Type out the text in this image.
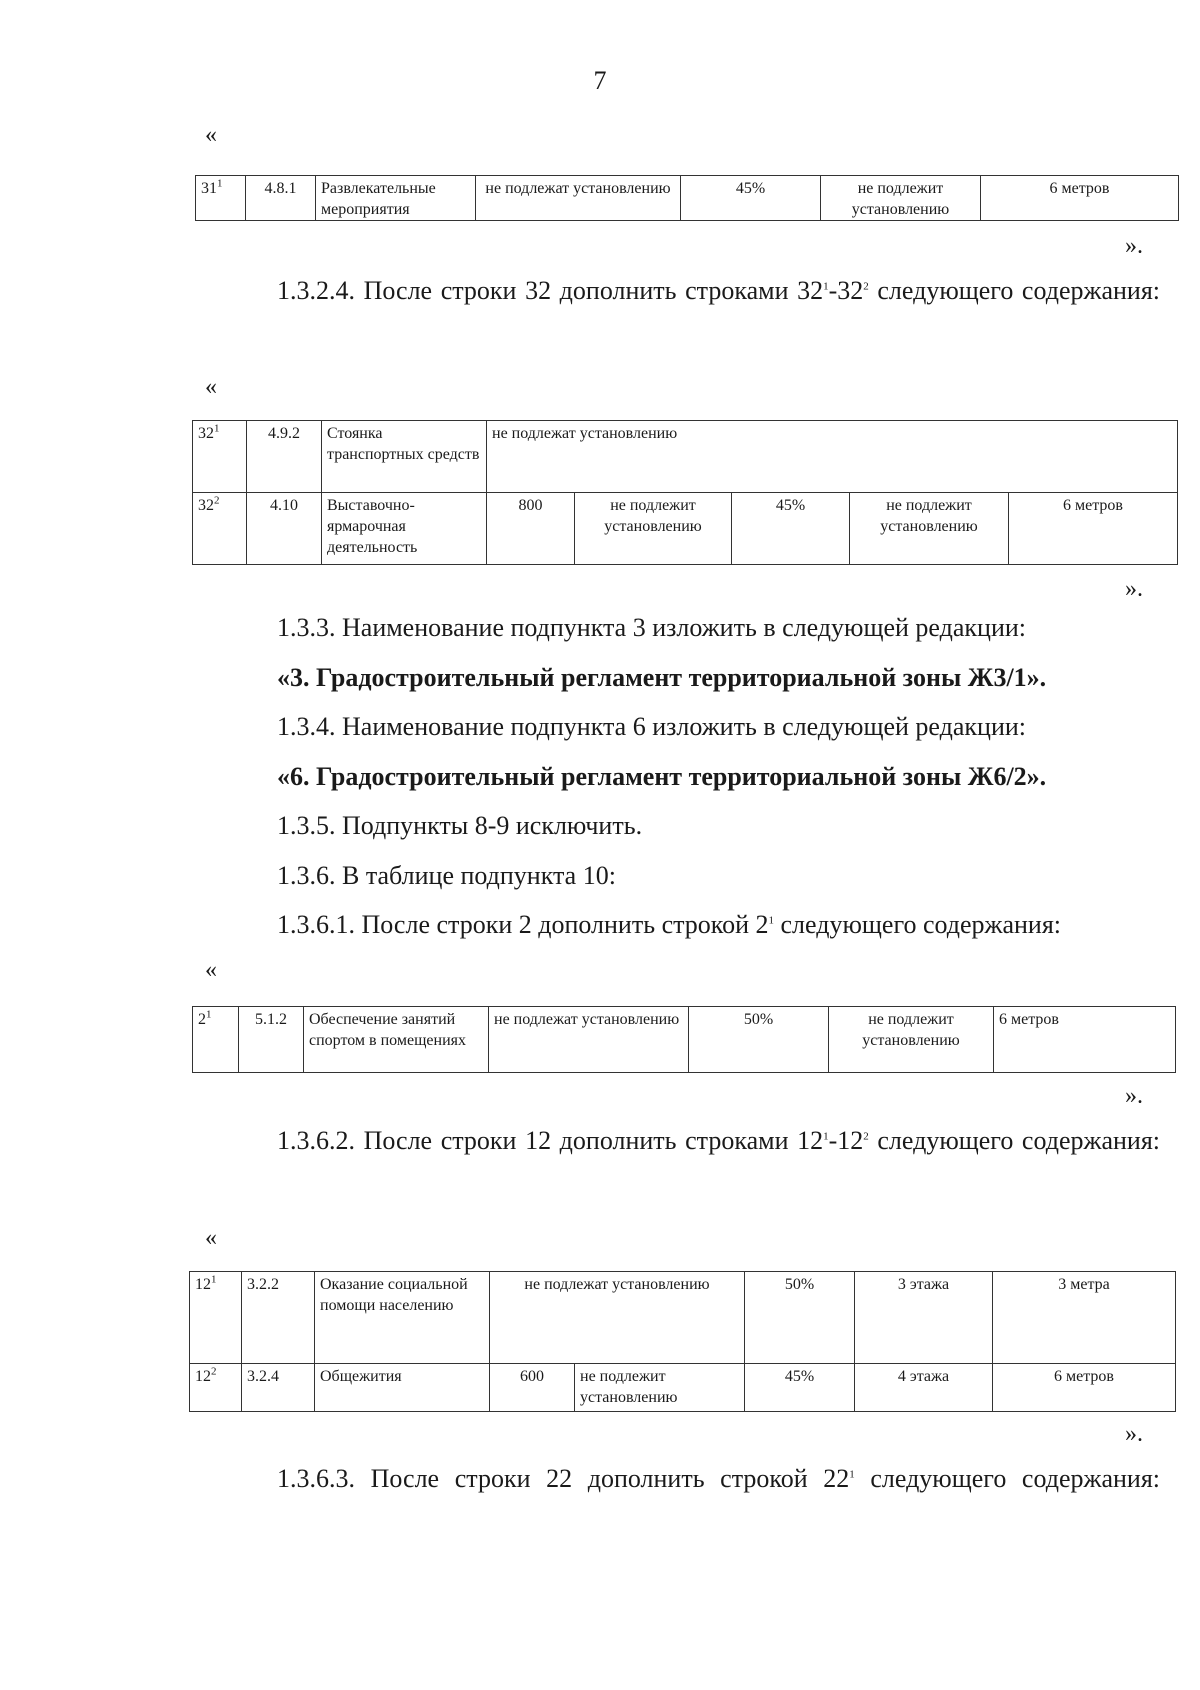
7
«
$31^1$	4.8.1	Развлекательные мероприятия	не подлежат установлению	45%	не подлежит установлению	6 метров
».
1.3.2.4. После строки 32 дополнить строками $32^1-32^2$ следующего содержания:
«
$32^1$	4.9.2	Стоянка транспортных средств	не подлежат установлению				
$32^2$	4.10	Выставочно-ярмарочная деятельность	800	не подлежит установлению	45%	не подлежит установлению	6 метров
».
1.3.3. Наименование подпункта 3 изложить в следующей редакции:
«3. Градостроительный регламент территориальной зоны Ж3/1».
1.3.4. Наименование подпункта 6 изложить в следующей редакции:
«6. Градостроительный регламент территориальной зоны Ж6/2».
1.3.5. Подпункты 8-9 исключить.
1.3.6. В таблице подпункта 10:
1.3.6.1. После строки 2 дополнить строкой $2^1$ следующего содержания:
«
$2^1$	5.1.2	Обеспечение занятий спортом в помещениях	не подлежат установлению	50%	не подлежит установлению	6 метров
».
1.3.6.2. После строки 12 дополнить строками $12^1-12^2$ следующего содержания:
«
$12^1$	3.2.2	Оказание социальной помощи населению	не подлежат установлению		50%	3 этажа	3 метра
$12^2$	3.2.4	Общежития	600	не подлежит установлению	45%	4 этажа	6 метров
».
1.3.6.3. После строки 22 дополнить строкой $22^1$ следующего содержания:
